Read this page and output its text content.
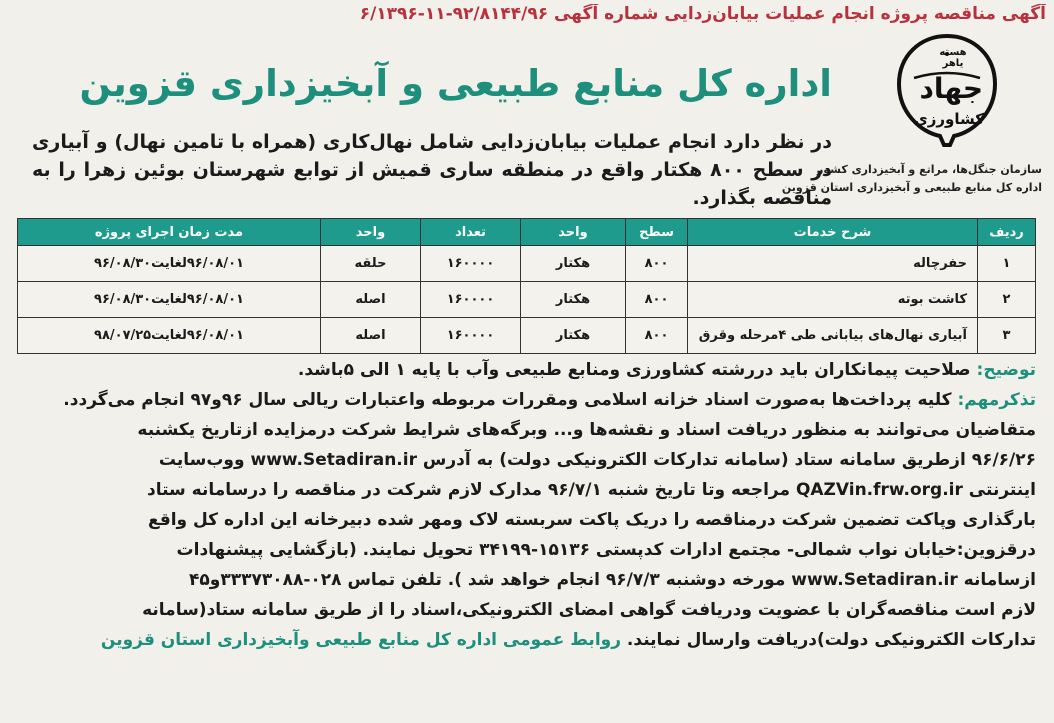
آگهی مناقصه پروژه انجام عملیات بیابان‌زدایی شماره آگهی ۹۲/۸۱۴۴/۹۶-۱۱-۶/۱۳۹۶
هسته یاهر
جهاد
کشاورزی
سازمان جنگل‌ها، مراتع و آبخیزداری کشور
اداره کل منابع طبیعی و آبخیزداری استان قزوین
اداره کل منابع طبیعی و آبخیزداری قزوین
در نظر دارد انجام عملیات بیابان‌زدایی شامل نهال‌کاری (همراه با تامین نهال) و آبیاری در سطح ۸۰۰ هکتار واقع در منطقه ساری قمیش از توابع شهرستان بوئین زهرا را به مناقصه بگذارد.
ردیف	شرح خدمات	سطح	واحد	تعداد	واحد	مدت زمان اجرای پروژه
۱	حفرچاله	۸۰۰	هکتار	۱۶۰۰۰۰	حلقه	۹۶/۰۸/۰۱لغایت۹۶/۰۸/۳۰
۲	کاشت بوته	۸۰۰	هکتار	۱۶۰۰۰۰	اصله	۹۶/۰۸/۰۱لغایت۹۶/۰۸/۳۰
۳	آبیاری نهال‌های بیابانی طی ۴مرحله وقرق	۸۰۰	هکتار	۱۶۰۰۰۰	اصله	۹۶/۰۸/۰۱لغایت۹۸/۰۷/۲۵
توضیح: صلاحیت پیمانکاران باید دررشته کشاورزی ومنابع طبیعی وآب با پایه ۱ الی ۵باشد.
تذکرمهم: کلیه پرداخت‌ها به‌صورت اسناد خزانه اسلامی ومقررات مربوطه واعتبارات ریالی سال ۹۶و۹۷ انجام می‌گردد.
متقاضیان می‌توانند به منظور دریافت اسناد و نقشه‌ها و... وبرگه‌های شرایط شرکت درمزایده ازتاریخ یکشنبه
۹۶/۶/۲۶ ازطریق سامانه ستاد (سامانه تدارکات الکترونیکی دولت) به آدرس www.Setadiran.ir ووب‌سایت
اینترنتی QAZVin.frw.org.ir مراجعه وتا تاریخ شنبه ۹۶/۷/۱ مدارک لازم شرکت در مناقصه را درسامانه ستاد
بارگذاری وپاکت تضمین شرکت درمناقصه را دریک پاکت سربسته لاک ومهر شده دبیرخانه این اداره کل واقع
درقزوین:خیابان نواب شمالی- مجتمع ادارات کدپستی ۱۵۱۳۶-۳۴۱۹۹ تحویل نمایند. (بازگشایی پیشنهادات
ازسامانه www.Setadiran.ir مورخه دوشنبه ۹۶/۷/۳ انجام خواهد شد ). تلفن تماس ۰۲۸-۳۳۳۷۳۰۸۸و۴۵
لازم است مناقصه‌گران با عضویت ودریافت گواهی امضای الکترونیکی،اسناد را از طریق سامانه ستاد(سامانه
تدارکات الکترونیکی دولت)دریافت وارسال نمایند. روابط عمومی اداره کل منابع طبیعی وآبخیزداری استان قزوین
